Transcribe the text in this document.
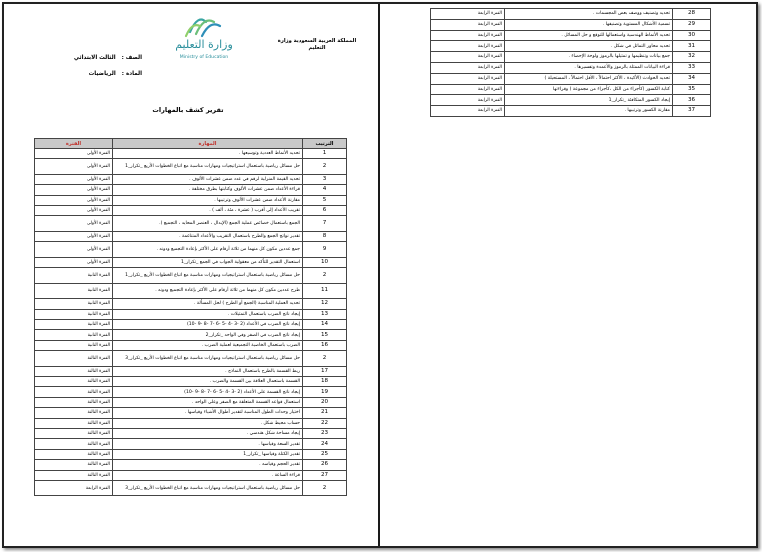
المملكة العربية السعودية وزارة التعليم
وزارة التعليم
Ministry of Education
الصف :الثالث الابتدائي
المادة :الرياضيات
تقرير كشف بالمهارات
الترتيب	المهارة	الفترة
1	تحديد الأنماط العددية وتوسيعها .	الفترة الأولى
2	حل مسائل رياضية باستعمال استراتيجيات ومهارات مناسبة مع اتباع الخطوات الأربع _تكرار_1	الفترة الأولى
3	تحديد القيمة المنزلية لرقم في عدد ضمن عشرات الألوف .	الفترة الأولى
4	قراءة الأعداد ضمن عشرات الألوف وكتابتها بطرق مختلفة .	الفترة الأولى
5	مقارنة الأعداد ضمن عشرات الألوف وترتيبها .	الفترة الأولى
6	تقريب الأعداد إلى أقرب ( عشرة ، مئة ، ألف ) .	الفترة الأولى
7	الجمع باستعمال خصائص عملية الجمع (الإبدال ، العنصر المحايد ، التجميع ).	الفترة الأولى
8	تقدير نواتج الجمع والطرح باستعمال التقريب والأعداد المتناغمة .	الفترة الأولى
9	جمع عددين مكون كل منهما من ثلاثة أرقام على الأكثر بإعادة التجميع ودونه .	الفترة الأولى
10	استعمال التقدير للتأكد من معقولية الجواب في الجمع _تكرار_1	الفترة الأولى
2	حل مسائل رياضية باستعمال استراتيجيات ومهارات مناسبة مع اتباع الخطوات الأربع _تكرار_1	الفترة الثانية
11	طرح عددين مكون كل منهما من ثلاثة أرقام على الأكثر بإعادة التجميع ودونه .	الفترة الثانية
12	تحديد العملية المناسبة (الجمع أو الطرح ) لحل المسألة .	الفترة الثانية
13	إيجاد ناتج الضرب باستعمال التمثيلات .	الفترة الثانية
14	إيجاد ناتج الضرب في الأعداد (2 -3 -4 -5 -6 -7 -8 -9 -10)	الفترة الثانية
15	إيجاد ناتج الضرب في الصفر وفي الواحد _تكرار_2	الفترة الثانية
16	الضرب باستعمال الخاصية التجميعية لعملية الضرب .	الفترة الثانية
2	حل مسائل رياضية باستعمال استراتيجيات ومهارات مناسبة مع اتباع الخطوات الأربع _تكرار_3	الفترة الثالثة
17	ربط القسمة بالطرح باستعمال النماذج .	الفترة الثالثة
18	القسمة باستعمال العلاقة بين القسمة والضرب .	الفترة الثالثة
19	إيجاد ناتج القسمة على الأعداد (2 -3 -4 -5 -6 -7 -8 -9 -10)	الفترة الثالثة
20	استعمال قواعد القسمة المتعلقة مع الصفر وعلى الواحد .	الفترة الثالثة
21	اختيار وحدات الطول المناسبة لتقدير أطوال الأشياء وقياسها .	الفترة الثالثة
22	حساب محيط شكل .	الفترة الثالثة
23	إيجاد مساحة شكل هندسي .	الفترة الثالثة
24	تقدير السعة وقياسها .	الفترة الثالثة
25	تقدير الكتلة وقياسها _تكرار_1	الفترة الثالثة
26	تقدير الحجم وقياسه .	الفترة الثالثة
27	قراءة الساعة .	الفترة الثالثة
2	حل مسائل رياضية باستعمال استراتيجيات ومهارات مناسبة مع اتباع الخطوات الأربع _تكرار_3	الفترة الرابعة
28	تحديد وتصنيف ووصف بعض المجسمات .	الفترة الرابعة
29	تسمية الأشكال المستوية وتصنيفها .	الفترة الرابعة
30	تحديد الأنماط الهندسية واستعمالها للتوقع و حل المسائل .	الفترة الرابعة
31	تحديد محاور التماثل في شكل .	الفترة الرابعة
32	جمع بيانات وتنظيمها و تمثيلها بالرموز ولوحة الإحصاء .	الفترة الرابعة
33	قراءة البيانات الممثلة بالرموز والأعمدة وتفسيرها .	الفترة الرابعة
34	تحديد الحوادث (الأكيدة ، الأكثر احتمالاً ، الأقل احتمالاً ، المستحيلة )	الفترة الرابعة
35	كتابة الكسور (كأجزاء من الكل ،كأجزاء من مجموعة ) وقراءتها	الفترة الرابعة
36	إيجاد الكسور المتكافئة _تكرار_1	الفترة الرابعة
37	مقارنة الكسور وترتيبها .	الفترة الرابعة
